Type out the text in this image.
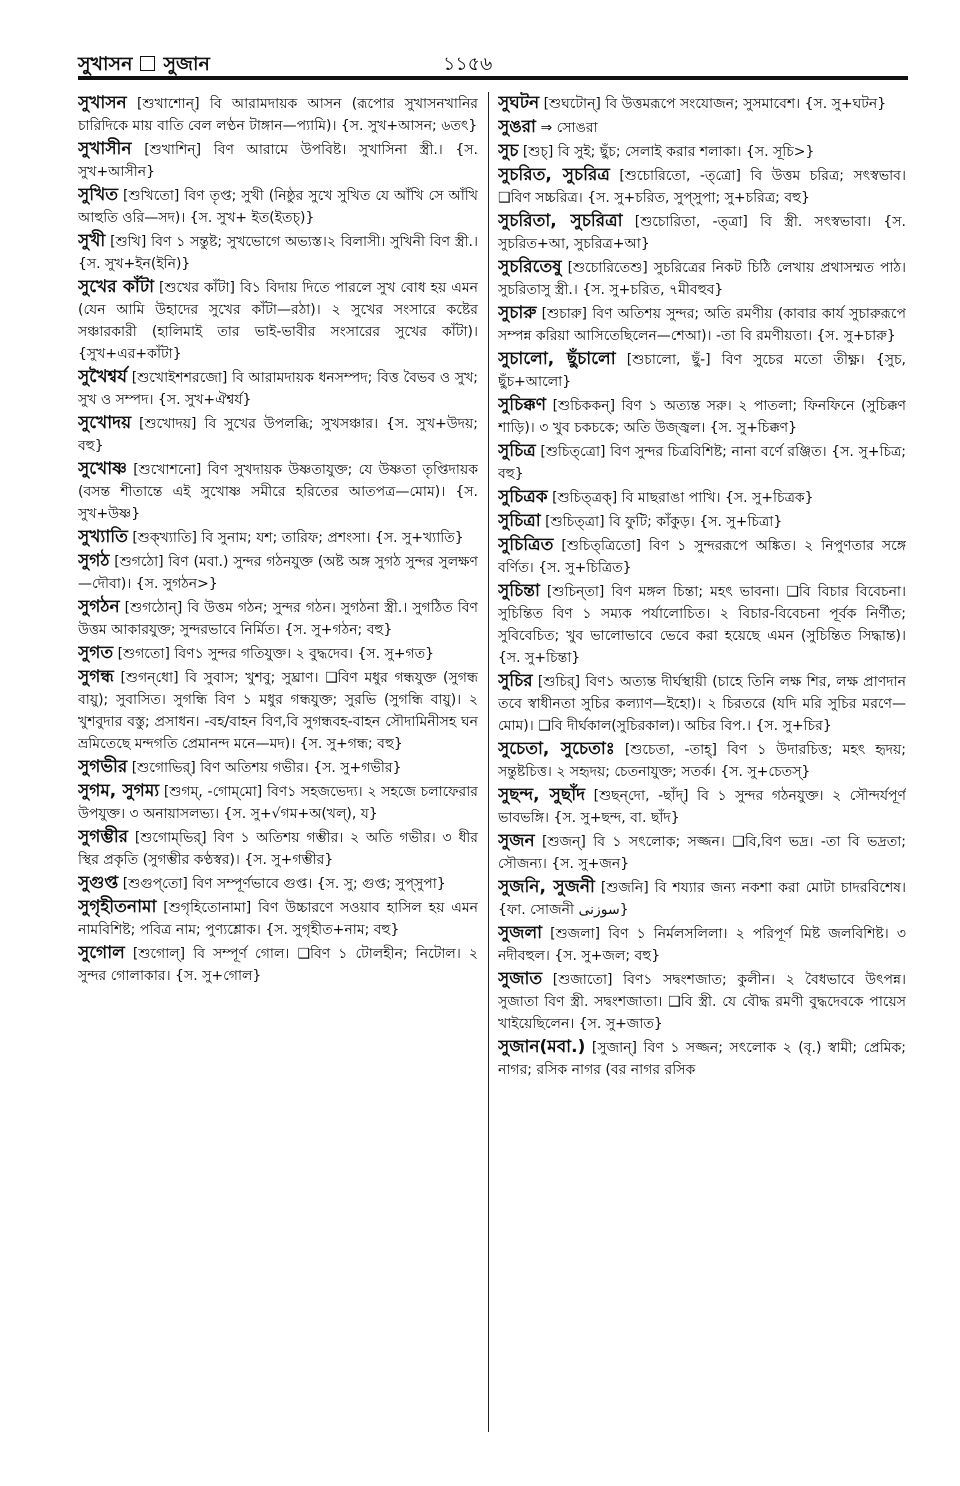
সুখাসন সুজান	১১৫৬
সুখাসন [শুখাশোন্] বি আরামদায়ক আসন (রূপোর সুখাসনখানির চারিদিকে মায় বাতি বেল লণ্ঠন টাঙ্গান—প্যামি)। {স. সুখ+আসন; ৬তৎ}
সুখাসীন [শুখাশিন্] বিণ আরামে উপবিষ্ট। সুখাসিনা স্ত্রী.। {স. সুখ+আসীন}
সুখিত [শুখিতো] বিণ তৃপ্ত; সুখী (নিষ্ঠুর সুখে সুখিত যে আঁখি সে আঁখি আহুতি ওরি—সদ)। {স. সুখ+ ইত(ইতচ্)}
সুখী [শুখি] বিণ ১ সন্তুষ্ট; সুখভোগে অভ্যস্ত।২ বিলাসী। সুখিনী বিণ স্ত্রী.। {স. সুখ+ইন(ইনি)}
সুখের কাঁটা [শুখের কাঁটা] বি১ বিদায় দিতে পারলে সুখ বোধ হয় এমন (যেন আমি উহাদের সুখের কাঁটা—রঠা)। ২ সুখের সংসারে কষ্টের সঞ্চারকারী (হালিমাই তার ভাই-ভাবীর সংসারের সুখের কাঁটা)। {সুখ+এর+কাঁটা}
সুখৈশ্বর্য [শুখোইশশরজো] বি আরামদায়ক ধনসম্পদ; বিত্ত বৈভব ও সুখ; সুখ ও সম্পদ। {স. সুখ+ঐশ্বর্য}
সুখোদয় [শুখোদয়] বি সুখের উপলব্ধি; সুখসঞ্চার। {স. সুখ+উদয়; বহু}
সুখোষ্ণ [শুখোশনো] বিণ সুখদায়ক উষ্ণতাযুক্ত; যে উষ্ণতা তৃপ্তিদায়ক (বসন্ত শীতান্তে এই সুখোষ্ণ সমীরে হরিতের আতপত্র—মোম)। {স. সুখ+উষ্ণ}
সুখ্যাতি [শুক্‌খ্যাতি] বি সুনাম; যশ; তারিফ; প্রশংসা। {স. সু+খ্যাতি}
সুগঠ [শুগঠো] বিণ (মবা.) সুন্দর গঠনযুক্ত (অষ্ট অঙ্গ সুগঠ সুন্দর সুলক্ষণ—দৌবা)। {স. সুগঠন>}
সুগঠন [শুগঠোন্] বি উত্তম গঠন; সুন্দর গঠন। সুগঠনা স্ত্রী.। সুগঠিত বিণ উত্তম আকারযুক্ত; সুন্দরভাবে নির্মিত। {স. সু+গঠন; বহু}
সুগত [শুগতো] বিণ১ সুন্দর গতিযুক্ত। ২ বুদ্ধদেব। {স. সু+গত}
সুগন্ধ [শুগন্‌ধো] বি সুবাস; খুশবু; সুঘ্রাণ। ❑বিণ মধুর গন্ধযুক্ত (সুগন্ধ বায়ু); সুবাসিত। সুগন্ধি বিণ ১ মধুর গন্ধযুক্ত; সুরভি (সুগন্ধি বায়ু)। ২ খুশবুদার বস্তু; প্রসাধন। -বহ/বাহন বিণ,বি সুগন্ধবহ-বাহন সৌদামিনীসহ ঘন ভ্রমিতেছে মন্দগতি প্রেমানন্দ মনে—মদ)। {স. সু+গন্ধ; বহু}
সুগভীর [শুগোভির্] বিণ অতিশয় গভীর। {স. সু+গভীর}
সুগম, সুগম্য [শুগম্, -গোম্‌মো] বিণ১ সহজভেদ্য। ২ সহজে চলাফেরার উপযুক্ত। ৩ অনায়াসলভ্য। {স. সু+√গম+অ(খল্), য}
সুগম্ভীর [শুগোম্‌ভির্] বিণ ১ অতিশয় গম্ভীর। ২ অতি গভীর। ৩ ধীর স্থির প্রকৃতি (সুগম্ভীর কণ্ঠস্বর)। {স. সু+গম্ভীর}
সুগুপ্ত [শুগুপ্‌তো] বিণ সম্পূর্ণভাবে গুপ্ত। {স. সু; গুপ্ত; সুপ্‌সুপা}
সুগৃহীতনামা [শুগৃহিতোনামা] বিণ উচ্চারণে সওয়াব হাসিল হয় এমন নামবিশিষ্ট; পবিত্র নাম; পুণ্যশ্লোক। {স. সুগৃহীত+নাম; বহু}
সুগোল [শুগোল্] বি সম্পূর্ণ গোল। ❑বিণ ১ টোলহীন; নিটোল। ২ সুন্দর গোলাকার। {স. সু+গোল}
সুঘটন [শুঘটোন্] বি উত্তমরূপে সংযোজন; সুসমাবেশ। {স. সু+ঘটন}
সুঙরা ⇒ সোঙরা
সুচ [শুচ্] বি সুই; ছুঁচ; সেলাই করার শলাকা। {স. সূচি>}
সুচরিত, সুচরিত্র [শুচোরিতো, -ত্‌ত্রো] বি উত্তম চরিত্র; সৎস্বভাব। ❑বিণ সচ্চরিত্র। {স. সু+চরিত, সুপ্‌সুপা; সু+চরিত্র; বহু}
সুচরিতা, সুচরিত্রা [শুচোরিতা, -ত্‌ত্রা] বি স্ত্রী. সৎস্বভাবা। {স. সুচরিত+আ, সুচরিত্র+আ}
সুচরিতেষু [শুচোরিতেশু] সুচরিত্রের নিকট চিঠি লেখায় প্রথাসম্মত পাঠ। সুচরিতাসু স্ত্রী.। {স. সু+চরিত, ৭মীবহুব}
সুচারু [শুচারু] বিণ অতিশয় সুন্দর; অতি রমণীয় (কাবার কার্য সুচারুরূপে সম্পন্ন করিয়া আসিতেছিলেন—শেআ)। -তা বি রমণীয়তা। {স. সু+চারু}
সুচালো, ছুঁচালো [শুচালো, ছুঁ-] বিণ সুচের মতো তীক্ষ্ণ। {সুচ, ছুঁচ+আলো}
সুচিক্কণ [শুচিককন্] বিণ ১ অত্যন্ত সরু। ২ পাতলা; ফিনফিনে (সুচিক্কণ শাড়ি)। ৩ খুব চকচকে; অতি উজ্জ্বল। {স. সু+চিক্কণ}
সুচিত্র [শুচিত্‌ত্রো] বিণ সুন্দর চিত্রবিশিষ্ট; নানা বর্ণে রঞ্জিত। {স. সু+চিত্র; বহু}
সুচিত্রক [শুচিত্‌ত্রক্] বি মাছরাঙা পাখি। {স. সু+চিত্রক}
সুচিত্রা [শুচিত্‌ত্রা] বি ফুটি; কাঁকুড়। {স. সু+চিত্রা}
সুচিত্রিত [শুচিত্‌ত্রিতো] বিণ ১ সুন্দররূপে অঙ্কিত। ২ নিপুণতার সঙ্গে বর্ণিত। {স. সু+চিত্রিত}
সুচিন্তা [শুচিন্‌তা] বিণ মঙ্গল চিন্তা; মহৎ ভাবনা। ❑বি বিচার বিবেচনা। সুচিন্তিত বিণ ১ সম্যক পর্যালোচিত। ২ বিচার-বিবেচনা পূর্বক নির্ণীত; সুবিবেচিত; খুব ভালোভাবে ভেবে করা হয়েছে এমন (সুচিন্তিত সিদ্ধান্ত)। {স. সু+চিন্তা}
সুচির [শুচির্] বিণ১ অত্যন্ত দীর্ঘস্থায়ী (চাহে তিনি লক্ষ শির, লক্ষ প্রাণদান তবে স্বাধীনতা সুচির কল্যাণ—ইহো)। ২ চিরতরে (যদি মরি সুচির মরণে—মোম)। ❑বি দীর্ঘকাল(সুচিরকাল)। অচির বিপ.। {স. সু+চির}
সুচেতা, সুচেতাঃ [শুচেতা, -তাহ্] বিণ ১ উদারচিত্ত; মহৎ হৃদয়; সন্তুষ্টচিত্ত। ২ সহৃদয়; চেতনাযুক্ত; সতর্ক। {স. সু+চেতস্}
সুছন্দ, সুছাঁদ [শুছন্‌দো, -ছাঁদ্] বি ১ সুন্দর গঠনযুক্ত। ২ সৌন্দর্যপূর্ণ ভাবভঙ্গি। {স. সু+ছন্দ, বা. ছাঁদ}
সুজন [শুজন্] বি ১ সৎলোক; সজ্জন। ❑বি,বিণ ভদ্র। -তা বি ভদ্রতা; সৌজন্য। {স. সু+জন}
সুজনি, সুজনী [শুজনি] বি শয্যার জন্য নকশা করা মোটা চাদরবিশেষ। {ফা. সোজনী سوزنی}
সুজলা [শুজলা] বিণ ১ নির্মলসলিলা। ২ পরিপূর্ণ মিষ্ট জলবিশিষ্ট। ৩ নদীবহুল। {স. সু+জল; বহু}
সুজাত [শুজাতো] বিণ১ সদ্বংশজাত; কুলীন। ২ বৈধভাবে উৎপন্ন। সুজাতা বিণ স্ত্রী. সদ্বংশজাতা। ❑বি স্ত্রী. যে বৌদ্ধ রমণী বুদ্ধদেবকে পায়েস খাইয়েছিলেন। {স. সু+জাত}
সুজান(মবা.) [সুজান্] বিণ ১ সজ্জন; সৎলোক ২ (বৃ.) স্বামী; প্রেমিক; নাগর; রসিক নাগর (বর নাগর রসিক
